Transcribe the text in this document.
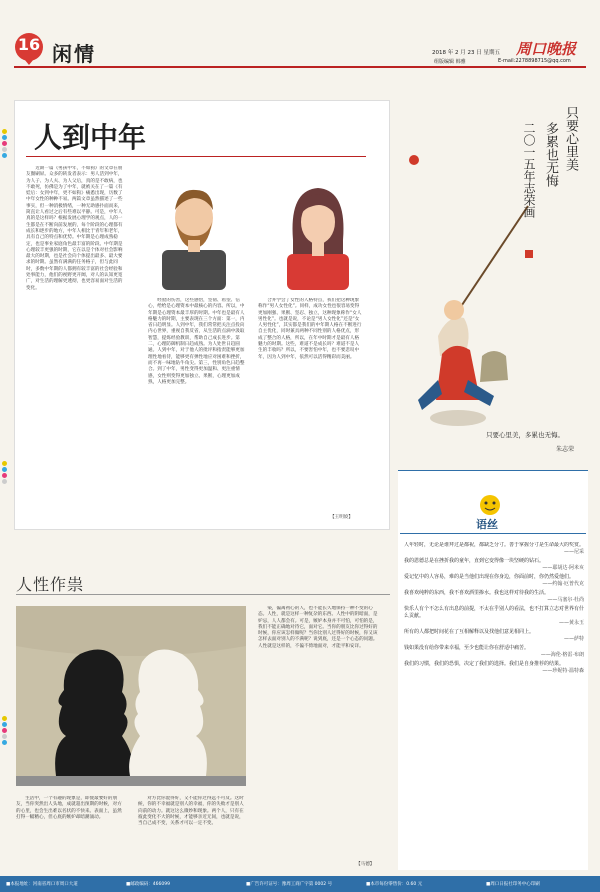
16 闲情	2018 年 2 月 23 日 星期五 周口晚报
组版编辑 韩雅	E-mail:2278898715@qq.com
人到中年

近期一篇《男孩中年，不如狗》的文章在朋友圈刷屏。众多的转发者表示：男人活到中年，为人子、为人夫、为人父后，真的是不敢病，也不敢死，仿佛是为了中年，就被关在了一篇《有娃后：女到中年，更不如狗》痛悉出现，历数了中年女性的种种不易。两篇文章虽然描述了一些事实，但一种消极情绪，一种无助感扑面而来，简直让人看过之后有些难以平静。可是，中年人真的是这样吗？根据发展心理学的观点，人的一生都是在不断向前发展的，每个阶段的心理都有成长和逐步的地方，中年人相比于青年和老年，具有自己的特点和优势。中年期是心理成熟稳定，也是事业家庭角色最丰富的阶段。中年期是心理较丰更强的时期，它在以是个体对社会影响最大的时期，也是社会向个体提出最多、最大要求的时期。虽然有满满的任务格子，但与此同时，多数中年期的人都拥有较丰富的社会经验和处事能力，他们的视野更开阔，对人的认知更宽广，对生活的理解更透彻，也更容易面对生活的变化。

经验的伤害，这些感悟，坚韧、希望、信心，给给是心理资本中最核心的内容。所以，中年期是心理资本最丰厚的时期。中年也是最有人格魅力的时期，主要表现在三个方面：第一，内省日趋明显。人到中年，我们常常把关注点投向内心世界，重视自我反省，从生活的点滴中汲取智慧，提炼经验教训，帮助自己成长进步。第二，心理防御机制日趋成熟。为人处世日趋圆通。人到中年，对于他人的批评和指责能够更加理性地看待，能够更有弹性地应对困难和挫折，而不再一味地钻牛角尖。第三，性别角色日趋整合。到了中年，男性变得更加温和、更注重情感，女性则变得更加独立、果断，心理更加成熟，人格更加完整。

合并学会了女性的人格特点，我们把这种现象称作“男人女性化”。同样，成功女性也很容易变得更加刚强、果断、坚忍、独立，这种现象称作“女人男性化”。也就是说，不论是“男人女性化”还是“女人男性化”，其实都是我们的中年期人格在不断进行自主优化，同时兼具两种不同性别的人格优点，形成了整合的人格，所以，在年中时期才是最有人格魅力的时期。这些，难道不是成长吗？难道不是人生的丰收吗？所以，不要害怕中年，也不要悲叹中年，因为人到中年，依然可以活得精彩而美丽。

【王明姣】
人性作祟

生活中，一个有趣的现象是，即使最要好的朋友，当你突然出人头地，成就超出预期的时候，对方的心里，也会生出难以名状的不快来。表面上，虽然打得一幅精心，但心底的嫉妒却暗潮涌动。

对方比你混得好，又不能你过得远不可及。这时候，你的不幸福就是别人的幸福，你的失败才是别人向前的动力。就这这么微妙和现象。两个人，只有在彼此变化不大的时候，才能够亲近无间，也就是说，当自己成不变，关系才可以一定不变。

染，偏离初心的人，也不能长久地保持一种不变的心态。人性，就是这样一种复杂的东西。人性中的阴暗面，是妒忌，人人都会有。可是，嫉妒本身并不可怕，可怕的是，我们不能正确地对待它，面对它。当你的朋友比你过得好的时候，你应该怎样做呢？当你比别人过得好的时候，你又该怎样去面对别人的不满呢？说到底，还是一个心态的问题。人性就是这样的，不偏不倚地面对，才能平和安详。

【马德】
只要心里美
多累也无悔
二〇一五年志荣画
只要心里美，多累也无悔。
朱志荣
语丝
人年轻时，无论是谁拜过是都祝，都缺乏分寸。善于掌握分寸是生命最大的奖赏。
——尼采
我的恩德总是在挫折我的童年，直到它变得像一块坚硬的钻石。
——耶胡达·阿米亥
爱记忆中的人容易，难的是当他们出现在你身边，你面前时，你仍然爱他们。
——约翰·厄普代克
我喜欢纯粹的东西，我不喜欢酒里掺水。我也这样对待我的生活。
——马塞尔·杜尚
快乐人有个不怎么有出息的前提，不太在乎别人的看法，也不打算立志对世界有什么贡献。
——黄永玉
所有的人都把时间花在了互相解释以及找他们意见相同上。
——萨特
钱如果没有给你带来幸福，至少也能让你在舒适中痛苦。
——海伦·格雷·布朗
我们的习惯，我们的恐惧，决定了我们的选择。我们是自身推荐的结果。
——珍妮特·温特森
■本报地址：河南省周口市周口大道	■邮政编码：466099	■广告许可证号：豫周工商广字第 0002 号	■本市每份零售价：0.60 元	■周口日报社印务中心印刷
